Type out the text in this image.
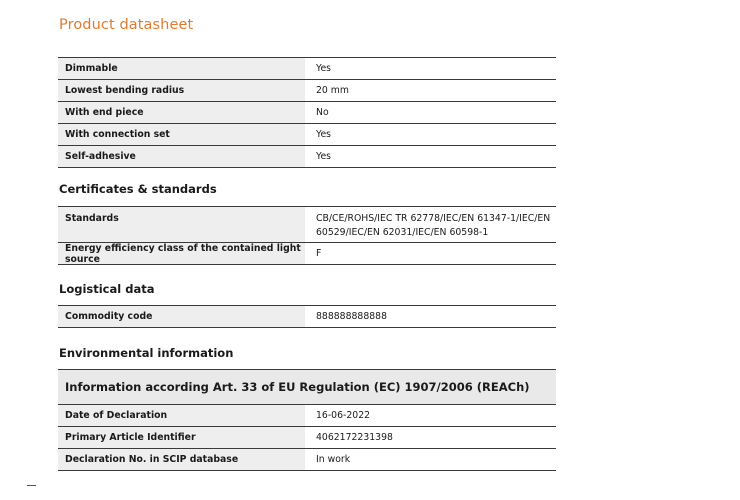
Product datasheet
Dimmable	Yes
Lowest bending radius	20 mm
With end piece	No
With connection set	Yes
Self-adhesive	Yes
Certificates & standards
Standards	CB/CE/ROHS/IEC TR 62778/IEC/EN 61347-1/IEC/EN
60529/IEC/EN 62031/IEC/EN 60598-1
Energy efficiency class of the contained light source	F
Logistical data
Commodity code	888888888888
Environmental information
Information according Art. 33 of EU Regulation (EC) 1907/2006 (REACh)
Date of Declaration	16-06-2022
Primary Article Identifier	4062172231398
Declaration No. in SCIP database	In work
